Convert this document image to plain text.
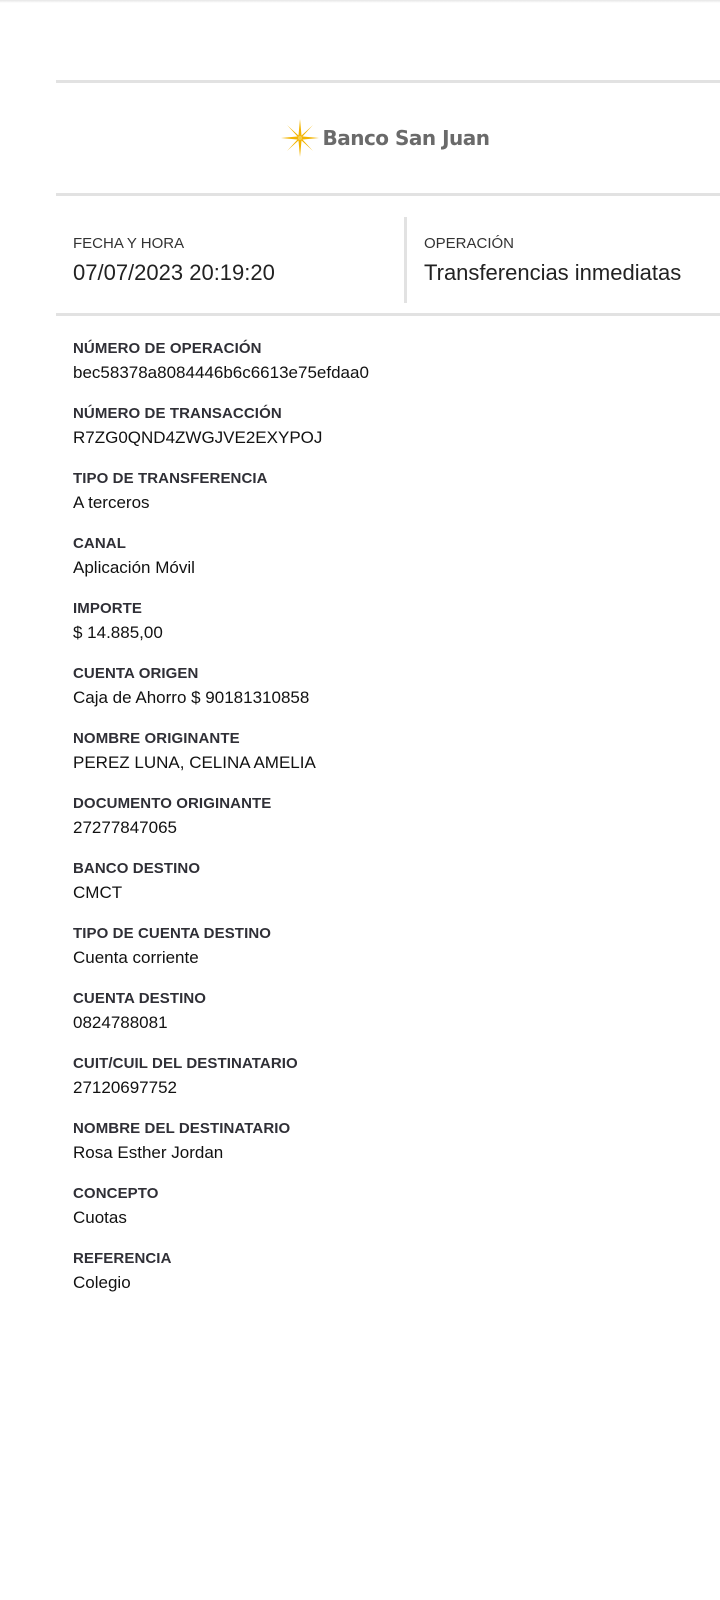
Banco San Juan
FECHA Y HORA
07/07/2023 20:19:20
OPERACIÓN
Transferencias inmediatas
NÚMERO DE OPERACIÓN
bec58378a8084446b6c6613e75efdaa0
NÚMERO DE TRANSACCIÓN
R7ZG0QND4ZWGJVE2EXYPOJ
TIPO DE TRANSFERENCIA
A terceros
CANAL
Aplicación Móvil
IMPORTE
$ 14.885,00
CUENTA ORIGEN
Caja de Ahorro $ 90181310858
NOMBRE ORIGINANTE
PEREZ LUNA, CELINA AMELIA
DOCUMENTO ORIGINANTE
27277847065
BANCO DESTINO
CMCT
TIPO DE CUENTA DESTINO
Cuenta corriente
CUENTA DESTINO
0824788081
CUIT/CUIL DEL DESTINATARIO
27120697752
NOMBRE DEL DESTINATARIO
Rosa Esther Jordan
CONCEPTO
Cuotas
REFERENCIA
Colegio
